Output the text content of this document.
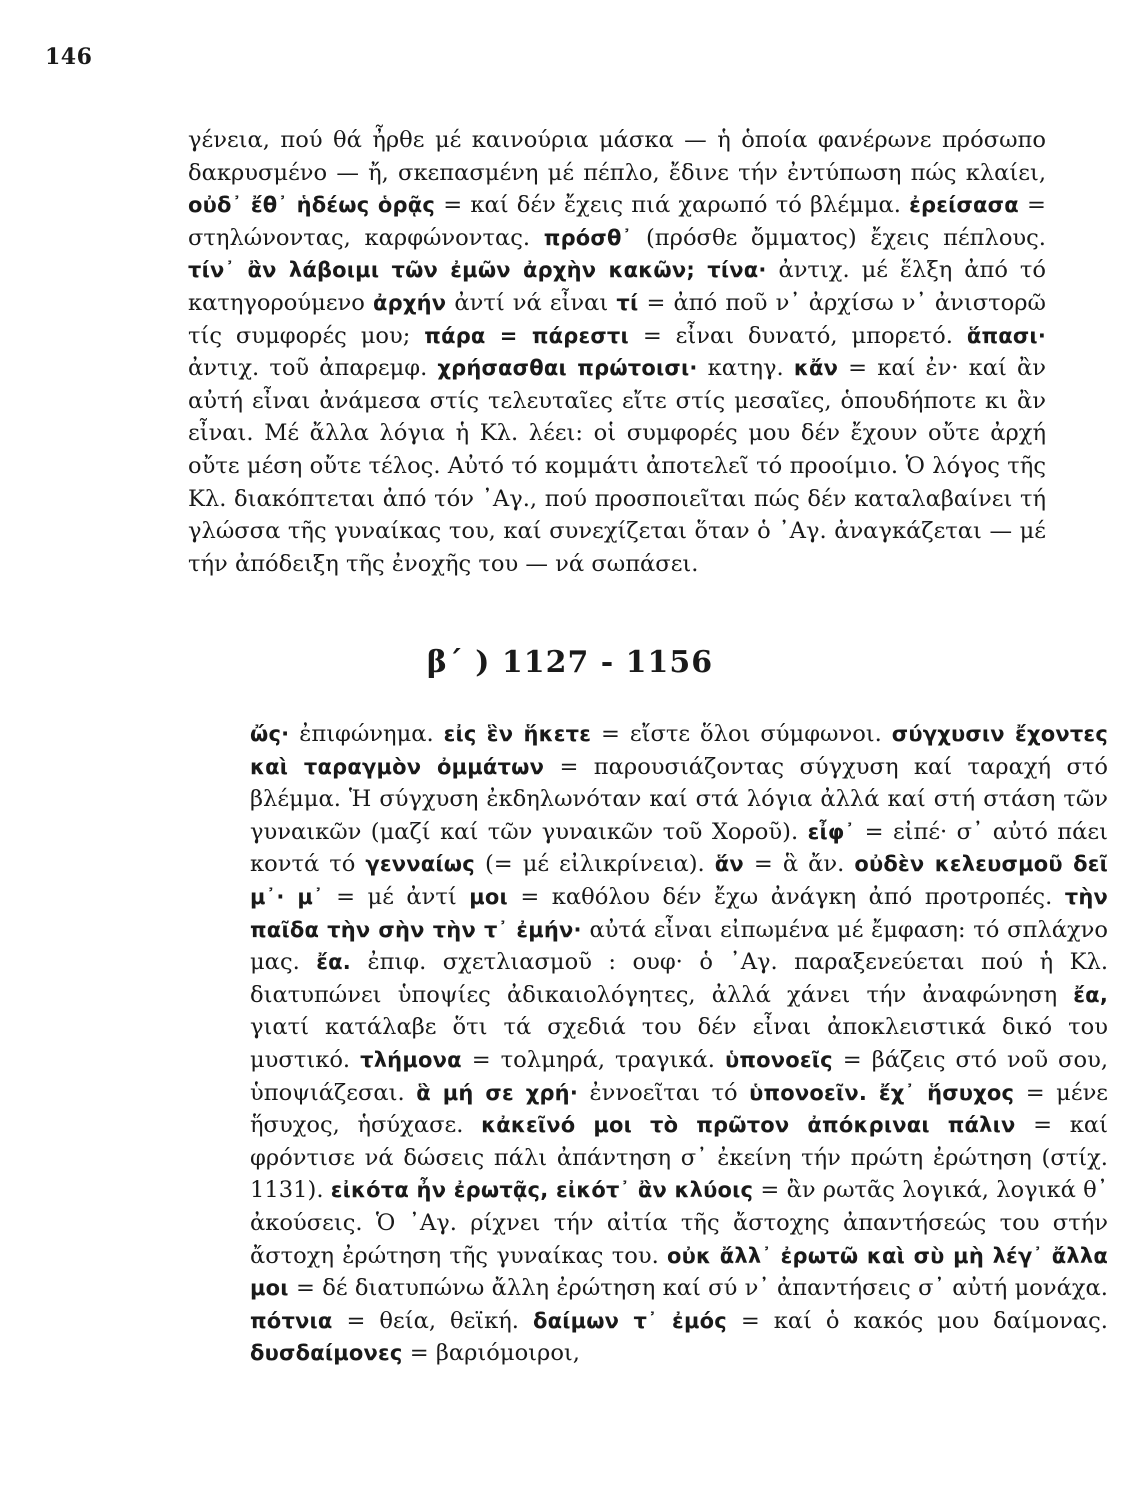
146

γένεια, πού θά ἦρθε μέ καινούρια μάσκα — ἡ ὁποία φανέρωνε πρόσωπο δακρυσμένο — ἤ, σκεπασμένη μέ πέπλο, ἔδινε τήν ἐντύπωση πώς κλαίει, οὐδ᾿ ἔθ᾿ ἡδέως ὁρᾷς = καί δέν ἔχεις πιά χαρωπό τό βλέμμα. ἐρείσασα = στηλώνοντας, καρφώνοντας. πρόσθ᾿ (πρόσθε ὄμματος) ἔχεις πέπλους. τίν᾿ ἂν λάβοιμι τῶν ἐμῶν ἀρχὴν κακῶν; τίνα· ἀντιχ. μέ ἕλξη ἀπό τό κατηγορούμενο ἀρχήν ἀντί νά εἶναι τί = ἀπό ποῦ ν᾿ ἀρχίσω ν᾿ ἀνιστορῶ τίς συμφορές μου; πάρα = πάρεστι = εἶναι δυνατό, μπορετό. ἅπασι· ἀντιχ. τοῦ ἀπαρεμφ. χρήσασθαι πρώτοισι· κατηγ. κἄν = καί ἐν· καί ἂν αὐτή εἶναι ἀνάμεσα στίς τελευταῖες εἴτε στίς μεσαῖες, ὁπουδήποτε κι ἂν εἶναι. Μέ ἄλλα λόγια ἡ Κλ. λέει: οἱ συμφορές μου δέν ἔχουν οὔτε ἀρχή οὔτε μέση οὔτε τέλος. Αὐτό τό κομμάτι ἀποτελεῖ τό προοίμιο. Ὁ λόγος τῆς Κλ. διακόπτεται ἀπό τόν ᾿Αγ., πού προσποιεῖται πώς δέν καταλαβαίνει τή γλώσσα τῆς γυναίκας του, καί συνεχίζεται ὅταν ὁ ᾿Αγ. ἀναγκάζεται — μέ τήν ἀπόδειξη τῆς ἐνοχῆς του — νά σωπάσει.

β΄ ) 1127 - 1156

ὤς· ἐπιφώνημα. εἰς ἓν ἥκετε = εἴστε ὅλοι σύμφωνοι. σύγχυσιν ἔχοντες καὶ ταραγμὸν ὀμμάτων = παρουσιάζοντας σύγχυση καί ταραχή στό βλέμμα. Ἡ σύγχυση ἐκδηλωνόταν καί στά λόγια ἀλλά καί στή στάση τῶν γυναικῶν (μαζί καί τῶν γυναικῶν τοῦ Χοροῦ). εἶφ᾿ = εἰπέ· σ᾿ αὐτό πάει κοντά τό γενναίως (= μέ εἰλικρίνεια). ἅν = ἃ ἄν. οὐδὲν κελευσμοῦ δεῖ μ᾿· μ᾿ = μέ ἀντί μοι = καθόλου δέν ἔχω ἀνάγκη ἀπό προτροπές. τὴν παῖδα τὴν σὴν τὴν τ᾿ ἐμήν· αὐτά εἶναι εἰπωμένα μέ ἔμφαση: τό σπλάχνο μας. ἔα. ἐπιφ. σχετλιασμοῦ : ουφ· ὁ ᾿Αγ. παραξενεύεται πού ἡ Κλ. διατυπώνει ὑποψίες ἀδικαιολόγητες, ἀλλά χάνει τήν ἀναφώνηση ἔα, γιατί κατάλαβε ὅτι τά σχεδιά του δέν εἶναι ἀποκλειστικά δικό του μυστικό. τλήμονα = τολμηρά, τραγικά. ὑπονοεῖς = βάζεις στό νοῦ σου, ὑποψιάζεσαι. ἃ μή σε χρή· ἐννοεῖται τό ὑπονοεῖν. ἔχ᾿ ἥσυχος = μένε ἥσυχος, ἡσύχασε. κἀκεῖνό μοι τὸ πρῶτον ἀπόκριναι πάλιν = καί φρόντισε νά δώσεις πάλι ἀπάντηση σ᾿ ἐκείνη τήν πρώτη ἐρώτηση (στίχ. 1131). εἰκότα ἦν ἐρωτᾷς, εἰκότ᾿ ἂν κλύοις = ἂν ρωτᾶς λογικά, λογικά θ᾿ ἀκούσεις. Ὁ ᾿Αγ. ρίχνει τήν αἰτία τῆς ἄστοχης ἀπαντήσεώς του στήν ἄστοχη ἐρώτηση τῆς γυναίκας του. οὐκ ἄλλ᾿ ἐρωτῶ καὶ σὺ μὴ λέγ᾿ ἄλλα μοι = δέ διατυπώνω ἄλλη ἐρώτηση καί σύ ν᾿ ἀπαντήσεις σ᾿ αὐτή μονάχα. πότνια = θεία, θεϊκή. δαίμων τ᾿ ἐμός = καί ὁ κακός μου δαίμονας. δυσδαίμονες = βαριόμοιροι,
